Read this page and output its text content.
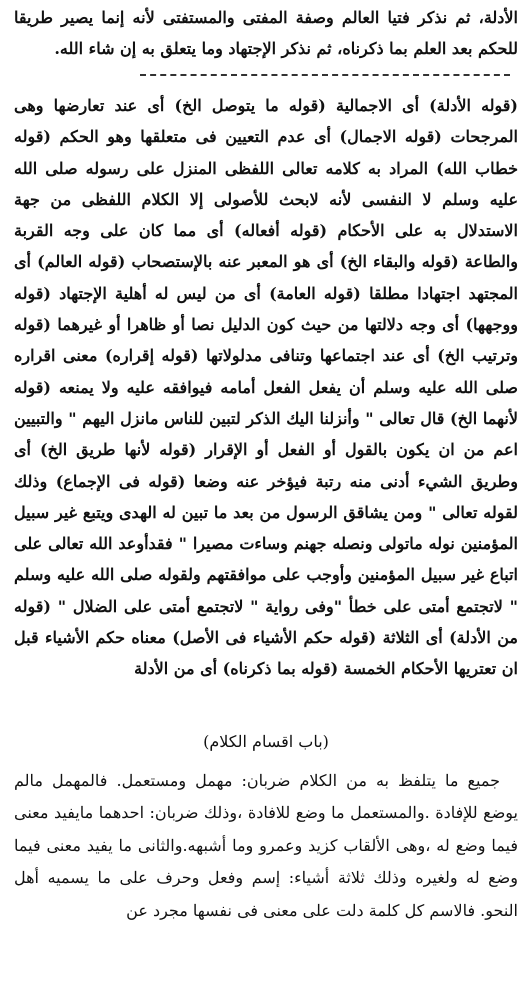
الأدلة، ثم نذكر فتيا العالم وصفة المفتى والمستفتى لأنه إنما يصير طريقا للحكم بعد العلم بما ذكرناه، ثم نذكر الإجتهاد وما يتعلق به إن شاء الله.

(قوله الأدلة) أى الاجمالية (قوله ما يتوصل الخ) أى عند تعارضها وهى المرجحات (قوله الاجمال) أى عدم التعيين فى متعلقها وهو الحكم (قوله خطاب الله) المراد به كلامه تعالى اللفظى المنزل على رسوله صلى الله عليه وسلم لا النفسى لأنه لابحث للأصولى إلا الكلام اللفظى من جهة الاستدلال به على الأحكام (قوله أفعاله) أى مما كان على وجه القربة والطاعة (قوله والبقاء الخ) أى هو المعبر عنه بالإستصحاب (قوله العالم) أى المجتهد اجتهادا مطلقا (قوله العامة) أى من ليس له أهلية الإجتهاد (قوله ووجهها) أى وجه دلالتها من حيث كون الدليل نصا أو ظاهرا أو غيرهما (قوله وترتيب الخ) أى عند اجتماعها وتنافى مدلولاتها (قوله إقراره) معنى اقراره صلى الله عليه وسلم أن يفعل الفعل أمامه فيوافقه عليه ولا يمنعه (قوله لأنهما الخ) قال تعالى " وأنزلنا اليك الذكر لتبين للناس مانزل اليهم " والتبيين اعم من ان يكون بالقول أو الفعل أو الإقرار (قوله لأنها طريق الخ) أى وطريق الشيء أدنى منه رتبة فيؤخر عنه وضعا (قوله فى الإجماع) وذلك لقوله تعالى " ومن يشاقق الرسول من بعد ما تبين له الهدى ويتبع غير سبيل المؤمنين نوله ماتولى ونصله جهنم وساءت مصيرا " فقدأوعد الله تعالى على اتباع غير سبيل المؤمنين وأوجب على موافقتهم ولقوله صلى الله عليه وسلم " لاتجتمع أمتى على خطأ "وفى رواية " لاتجتمع أمتى على الضلال " (قوله من الأدلة) أى الثلاثة (قوله حكم الأشياء فى الأصل) معناه حكم الأشياء قبل ان تعتريها الأحكام الخمسة (قوله بما ذكرناه) أى من الأدلة

(باب اقسام الكلام)

جميع ما يتلفظ به من الكلام ضربان: مهمل ومستعمل. فالمهمل مالم يوضع للإفادة .والمستعمل ما وضع للافادة ،وذلك ضربان: احدهما مايفيد معنى فيما وضع له ،وهى الألقاب كزيد وعمرو وما أشبهه.والثانى ما يفيد معنى فيما وضع له ولغيره وذلك ثلاثة أشياء: إسم وفعل وحرف على ما يسميه أهل النحو. فالاسم كل كلمة دلت على معنى فى نفسها مجرد عن
